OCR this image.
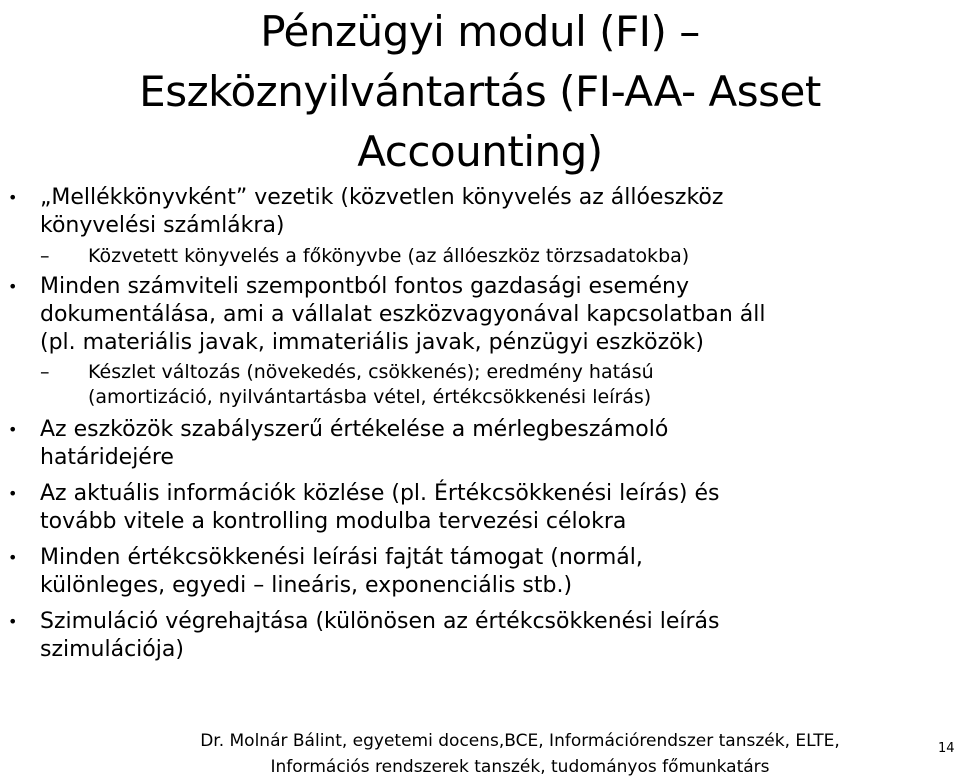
Pénzügyi modul (FI) –
Eszköznyilvántartás (FI-AA- Asset
Accounting)
• „Mellékkönyvként” vezetik (közvetlen könyvelés az állóeszköz
könyvelési számlákra)
– Közvetett könyvelés a főkönyvbe (az állóeszköz törzsadatokba)
• Minden számviteli szempontból fontos gazdasági esemény
dokumentálása, ami a vállalat eszközvagyonával kapcsolatban áll
(pl. materiális javak, immateriális javak, pénzügyi eszközök)
– Készlet változás (növekedés, csökkenés); eredmény hatású
(amortizáció, nyilvántartásba vétel, értékcsökkenési leírás)
• Az eszközök szabályszerű értékelése a mérlegbeszámoló
határidejére
• Az aktuális információk közlése (pl. Értékcsökkenési leírás) és
tovább vitele a kontrolling modulba tervezési célokra
• Minden értékcsökkenési leírási fajtát támogat (normál,
különleges, egyedi – lineáris, exponenciális stb.)
• Szimuláció végrehajtása (különösen az értékcsökkenési leírás
szimulációja)
Dr. Molnár Bálint, egyetemi docens,BCE, Információrendszer tanszék, ELTE,
Információs rendszerek tanszék, tudományos főmunkatárs
14
